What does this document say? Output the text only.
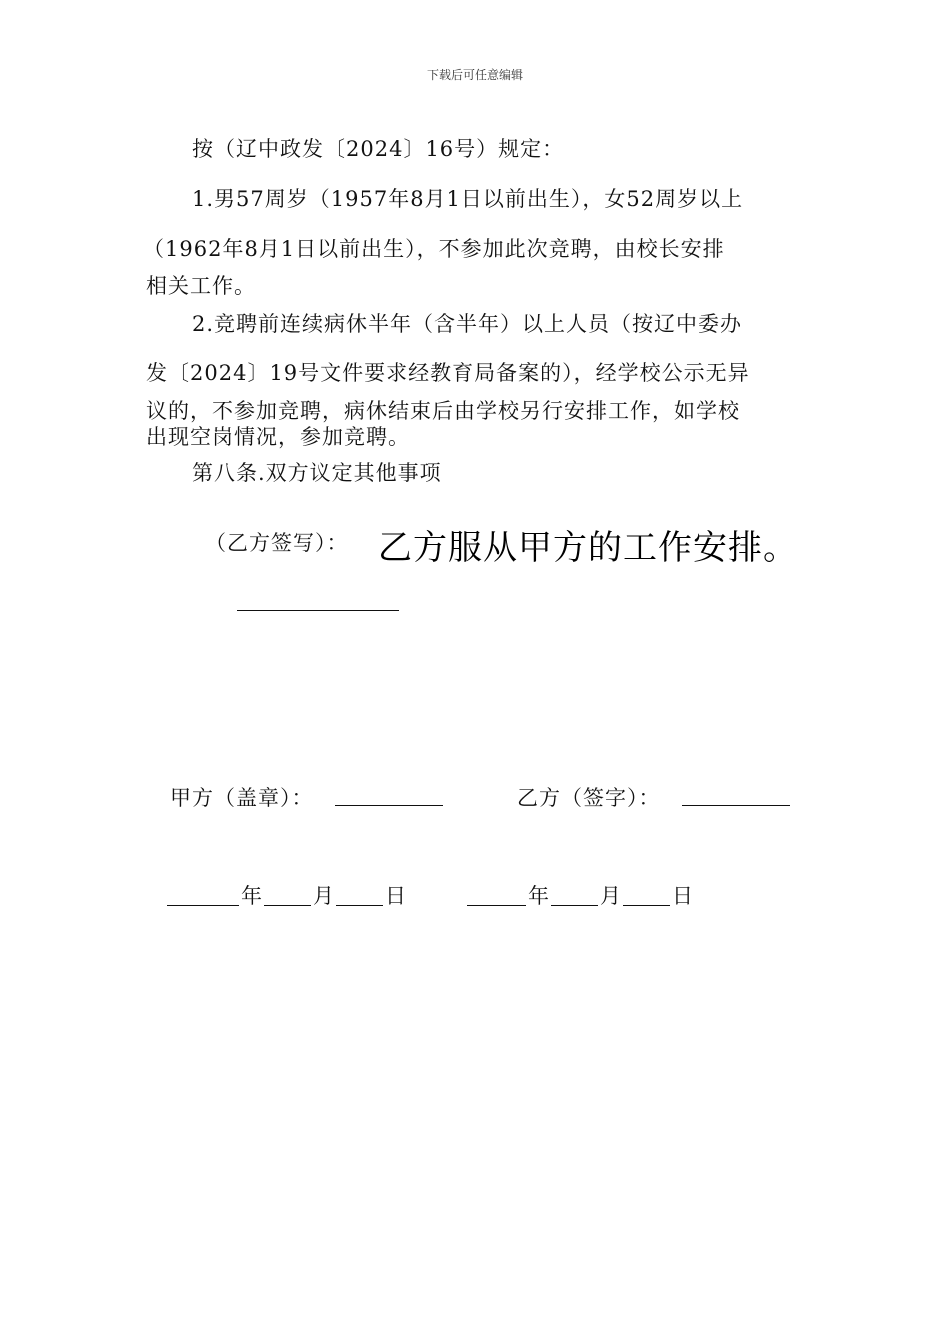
下载后可任意编辑
按（辽中政发〔2024〕16号）规定：
1.男57周岁（1957年8月1日以前出生），女52周岁以上
（1962年8月1日以前出生），不参加此次竞聘，由校长安排
相关工作。
2.竞聘前连续病休半年（含半年）以上人员（按辽中委办
发〔2024〕19号文件要求经教育局备案的），经学校公示无异
议的，不参加竞聘，病休结束后由学校另行安排工作，如学校
出现空岗情况，参加竞聘。
第八条.双方议定其他事项
（乙方签写）： 乙方服从甲方的工作安排。
甲方（盖章）：	乙方（签字）：
年 月 日	年 月 日
